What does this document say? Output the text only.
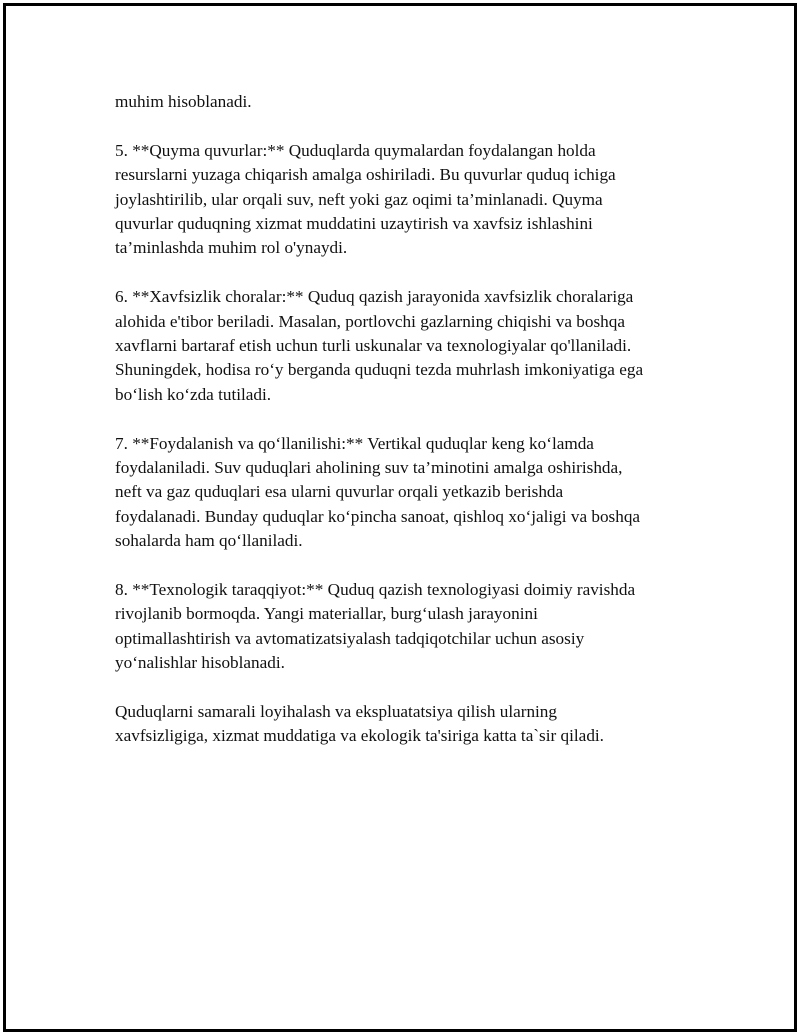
muhim hisoblanadi.

5. **Quyma quvurlar:** Quduqlarda quymalardan foydalangan holda
resurslarni yuzaga chiqarish amalga oshiriladi. Bu quvurlar quduq ichiga
joylashtirilib, ular orqali suv, neft yoki gaz oqimi ta’minlanadi. Quyma
quvurlar quduqning xizmat muddatini uzaytirish va xavfsiz ishlashini
ta’minlashda muhim rol o'ynaydi.

6. **Xavfsizlik choralar:** Quduq qazish jarayonida xavfsizlik choralariga
alohida e'tibor beriladi. Masalan, portlovchi gazlarning chiqishi va boshqa
xavflarni bartaraf etish uchun turli uskunalar va texnologiyalar qo'llaniladi.
Shuningdek, hodisa ro‘y berganda quduqni tezda muhrlash imkoniyatiga ega
bo‘lish ko‘zda tutiladi.

7. **Foydalanish va qo‘llanilishi:** Vertikal quduqlar keng ko‘lamda
foydalaniladi. Suv quduqlari aholining suv ta’minotini amalga oshirishda,
neft va gaz quduqlari esa ularni quvurlar orqali yetkazib berishda
foydalanadi. Bunday quduqlar ko‘pincha sanoat, qishloq xo‘jaligi va boshqa
sohalarda ham qo‘llaniladi.

8. **Texnologik taraqqiyot:** Quduq qazish texnologiyasi doimiy ravishda
rivojlanib bormoqda. Yangi materiallar, burg‘ulash jarayonini
optimallashtirish va avtomatizatsiyalash tadqiqotchilar uchun asosiy
yo‘nalishlar hisoblanadi.

Quduqlarni samarali loyihalash va ekspluatatsiya qilish ularning
xavfsizligiga, xizmat muddatiga va ekologik ta'siriga katta ta`sir qiladi.
